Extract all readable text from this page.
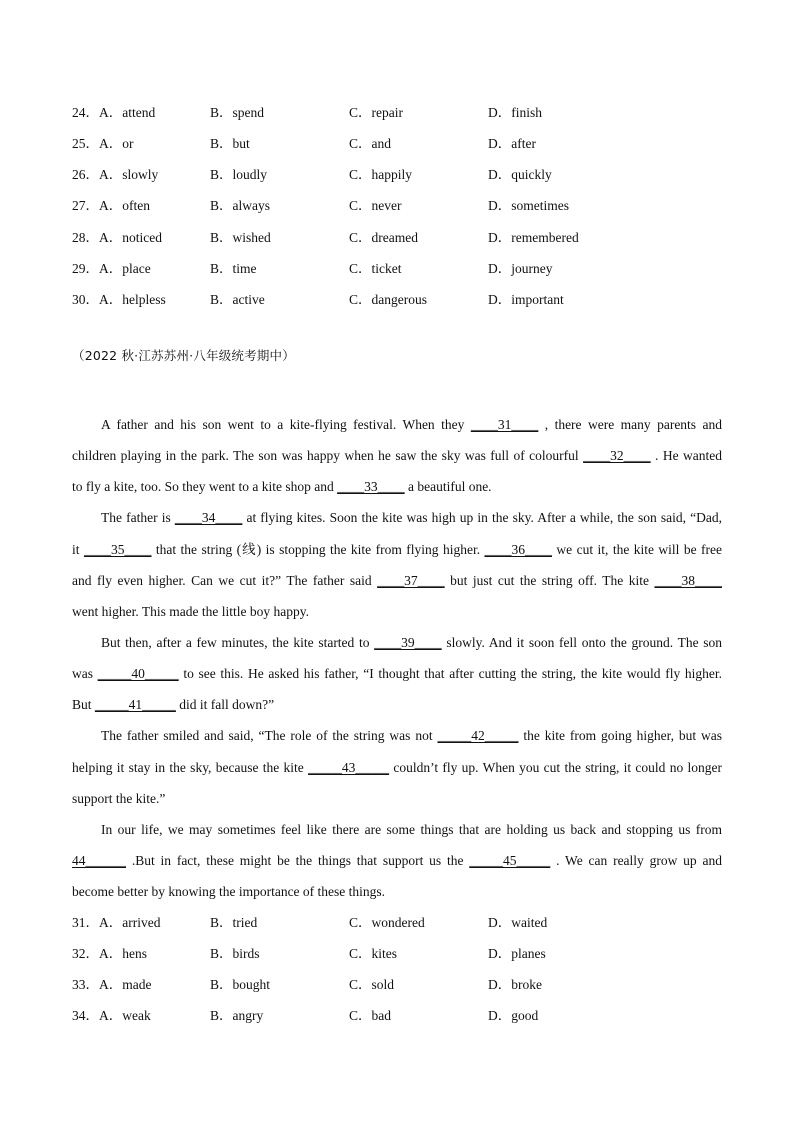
24．A．attend	B．spend	C．repair	D．finish
25．A．or	B．but	C．and	D．after
26．A．slowly	B．loudly	C．happily	D．quickly
27．A．often	B．always	C．never	D．sometimes
28．A．noticed	B．wished	C．dreamed	D．remembered
29．A．place	B．time	C．ticket	D．journey
30．A．helpless	B．active	C．dangerous	D．important
（2022 秋·江苏苏州·八年级统考期中）
A father and his son went to a kite-flying festival. When they ____31____ , there were many parents and
children playing in the park. The son was happy when he saw the sky was full of colourful ____32____ . He wanted
to fly a kite, too. So they went to a kite shop and ____33____ a beautiful one.
The father is ____34____ at flying kites. Soon the kite was high up in the sky. After a while, the son said, “Dad,
it ____35____ that the string (线) is stopping the kite from flying higher. ____36____ we cut it, the kite will be free
and fly even higher. Can we cut it?” The father said ____37____ but just cut the string off. The kite ____38____
went higher. This made the little boy happy.
But then, after a few minutes, the kite started to ____39____ slowly. And it soon fell onto the ground. The son
was _____40_____ to see this. He asked his father, “I thought that after cutting the string, the kite would fly higher.
But _____41_____ did it fall down?”
The father smiled and said, “The role of the string was not _____42_____ the kite from going higher, but was
helping it stay in the sky, because the kite _____43_____ couldn’t fly up. When you cut the string, it could no longer
support the kite.”
In our life, we may sometimes feel like there are some things that are holding us back and stopping us from
44______ .But in fact, these might be the things that support us the _____45_____ . We can really grow up and
become better by knowing the importance of these things.
31．A．arrived	B．tried	C．wondered	D．waited
32．A．hens	B．birds	C．kites	D．planes
33．A．made	B．bought	C．sold	D．broke
34．A．weak	B．angry	C．bad	D．good
